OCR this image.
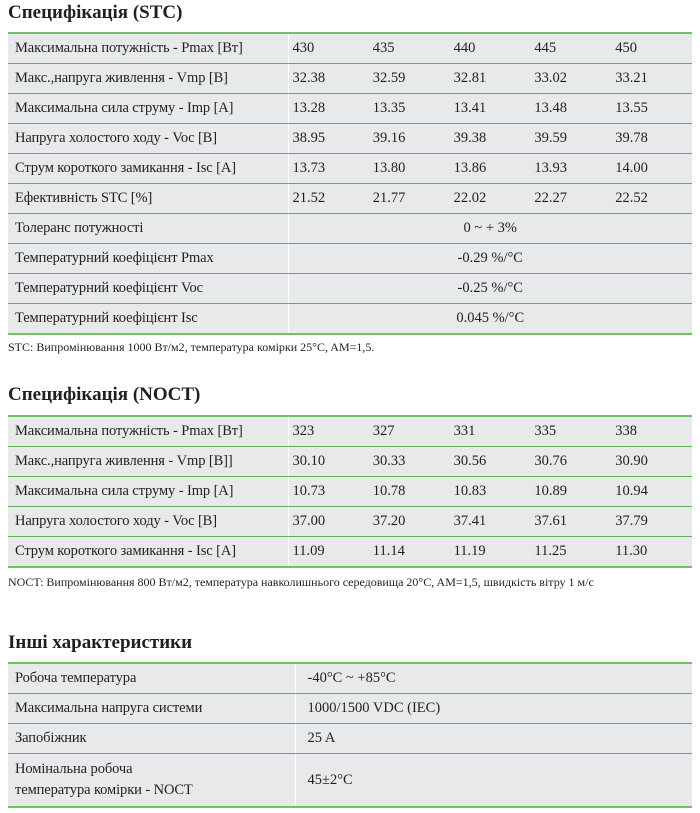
Специфікація (STC)
Максимальна потужність - Pmax [Вт]	430	435	440	445	450
Макс.,напруга живлення - Vmp [В]	32.38	32.59	32.81	33.02	33.21
Максимальна сила струму - Imp [А]	13.28	13.35	13.41	13.48	13.55
Напруга холостого ходу - Voc [В]	38.95	39.16	39.38	39.59	39.78
Струм короткого замикання - Isc [А]	13.73	13.80	13.86	13.93	14.00
Ефективність STC [%]	21.52	21.77	22.02	22.27	22.52
Толеранс потужності	0 ~ + 3%				
Температурний коефіцієнт Pmax	-0.29 %/°C				
Температурний коефіцієнт Voc	-0.25 %/°C				
Температурний коефіцієнт Isc	0.045 %/°C				

STC: Випромінювання 1000 Вт/м2, температура комірки 25°C, AM=1,5.

Специфікація (NOCT)
Максимальна потужність - Pmax [Вт]	323	327	331	335	338
Макс.,напруга живлення - Vmp [В]]	30.10	30.33	30.56	30.76	30.90
Максимальна сила струму - Imp [А]	10.73	10.78	10.83	10.89	10.94
Напруга холостого ходу - Voc [В]	37.00	37.20	37.41	37.61	37.79
Струм короткого замикання - Isc [А]	11.09	11.14	11.19	11.25	11.30

NOCT: Випромінювання 800 Вт/м2, температура навколишнього середовища 20°C, AM=1,5, швидкість вітру 1 м/с

Інші характеристики
Робоча температура	-40°C ~ +85°C
Максимальна напруга системи	1000/1500 VDC (IEC)
Запобіжник	25 A

Номінальна робоча
температура комірки - NOCT	45±2°C
